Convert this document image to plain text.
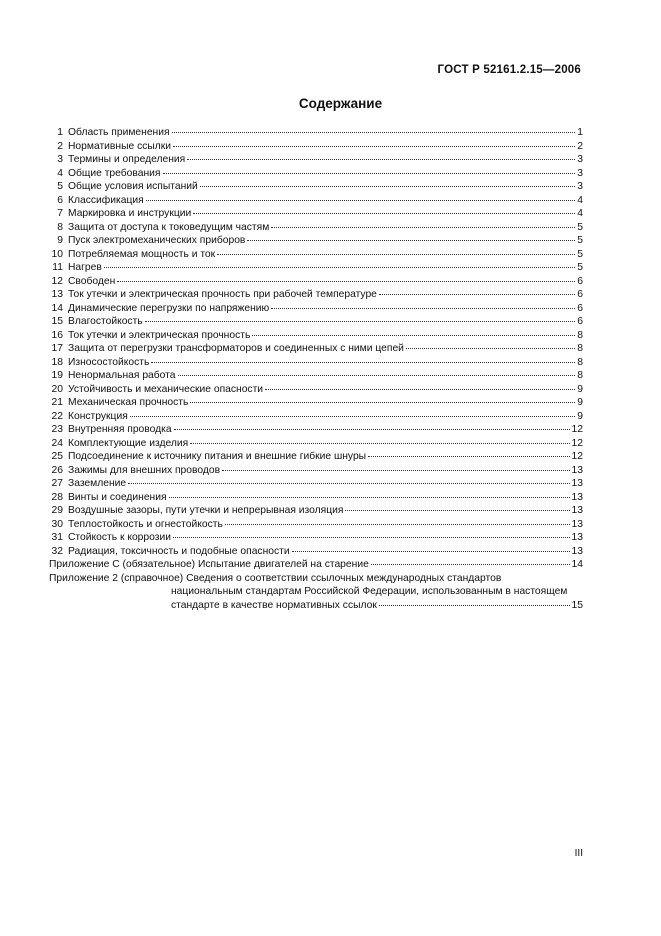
ГОСТ Р 52161.2.15—2006
Содержание
1 Область применения	1
2 Нормативные ссылки	2
3 Термины и определения	3
4 Общие требования	3
5 Общие условия испытаний	3
6 Классификация	4
7 Маркировка и инструкции	4
8 Защита от доступа к токоведущим частям	5
9 Пуск электромеханических приборов	5
10 Потребляемая мощность и ток	5
11 Нагрев	5
12 Свободен	6
13 Ток утечки и электрическая прочность при рабочей температуре	6
14 Динамические перегрузки по напряжению	6
15 Влагостойкость	6
16 Ток утечки и электрическая прочность	8
17 Защита от перегрузки трансформаторов и соединенных с ними цепей	8
18 Износостойкость	8
19 Ненормальная работа	8
20 Устойчивость и механические опасности	9
21 Механическая прочность	9
22 Конструкция	9
23 Внутренняя проводка	12
24 Комплектующие изделия	12
25 Подсоединение к источнику питания и внешние гибкие шнуры	12
26 Зажимы для внешних проводов	13
27 Заземление	13
28 Винты и соединения	13
29 Воздушные зазоры, пути утечки и непрерывная изоляция	13
30 Теплостойкость и огнестойкость	13
31 Стойкость к коррозии	13
32 Радиация, токсичность и подобные опасности	13
Приложение С (обязательное) Испытание двигателей на старение	14
Приложение 2 (справочное) Сведения о соответствии ссылочных международных стандартов
национальным стандартам Российской Федерации, использованным в настоящем
стандарте в качестве нормативных ссылок	15
III
